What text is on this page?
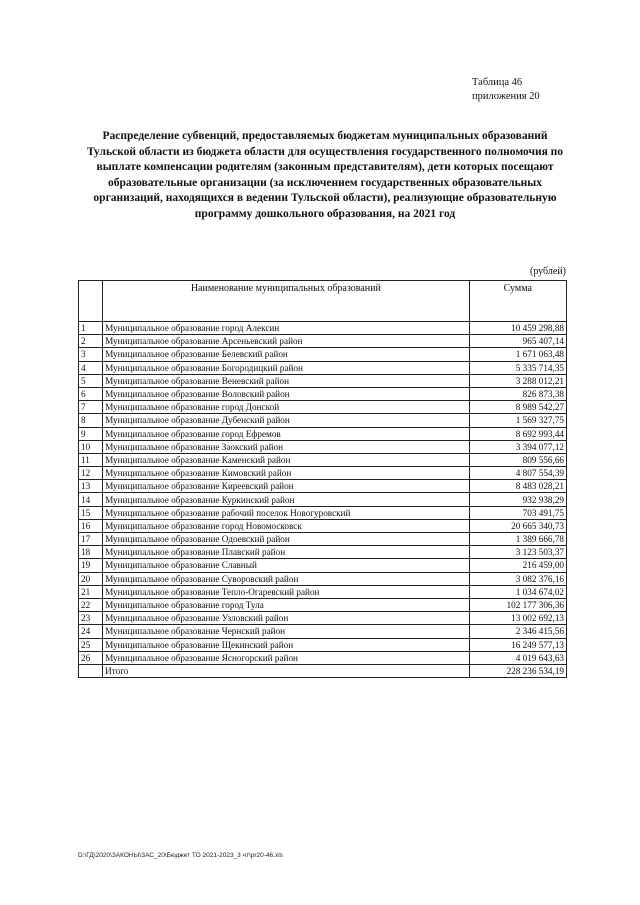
Таблица 46
приложения 20
Распределение субвенций, предоставляемых бюджетам муниципальных образований Тульской области из бюджета области для осуществления государственного полномочия по выплате компенсации родителям (законным представителям), дети которых посещают образовательные организации (за исключением государственных образовательных организаций, находящихся в ведении Тульской области), реализующие образовательную программу дошкольного образования, на 2021 год
(рублей)
	Наименование муниципальных образований	Сумма
1	Муниципальное образование город Алексин	10 459 298,88
2	Муниципальное образование Арсеньевский район	965 407,14
3	Муниципальное образование Белевский район	1 671 063,48
4	Муниципальное образование Богородицкий район	5 335 714,35
5	Муниципальное образование Веневский район	3 288 012,21
6	Муниципальное образование Воловский район	826 873,38
7	Муниципальное образование город Донской	8 989 542,27
8	Муниципальное образование Дубенский район	1 569 327,75
9	Муниципальное образование город Ефремов	8 692 993,44
10	Муниципальное образование Заокский район	3 394 077,12
11	Муниципальное образование Каменский район	809 556,66
12	Муниципальное образование Кимовский район	4 807 554,39
13	Муниципальное образование Киреевский район	8 483 028,21
14	Муниципальное образование Куркинский район	932 938,29
15	Муниципальное образование рабочий поселок Новогуровский	703 491,75
16	Муниципальное образование город Новомосковск	20 665 340,73
17	Муниципальное образование Одоевский район	1 389 666,78
18	Муниципальное образование Плавский район	3 123 503,37
19	Муниципальное образование Славный	216 459,00
20	Муниципальное образование Суворовский район	3 082 376,16
21	Муниципальное образование Тепло-Огаревский район	1 034 674,02
22	Муниципальное образование город Тула	102 177 306,36
23	Муниципальное образование Узловский район	13 002 692,13
24	Муниципальное образование Чернский район	2 346 415,56
25	Муниципальное образование Щекинский район	16 249 577,13
26	Муниципальное образование Ясногорский район	4 019 643,63
	Итого	228 236 534,19
D:\ГД\2020\ЗАКОНЫ\ЗАС_20\Бюджет ТО 2021-2023_3 чт\pr20-46.xls
